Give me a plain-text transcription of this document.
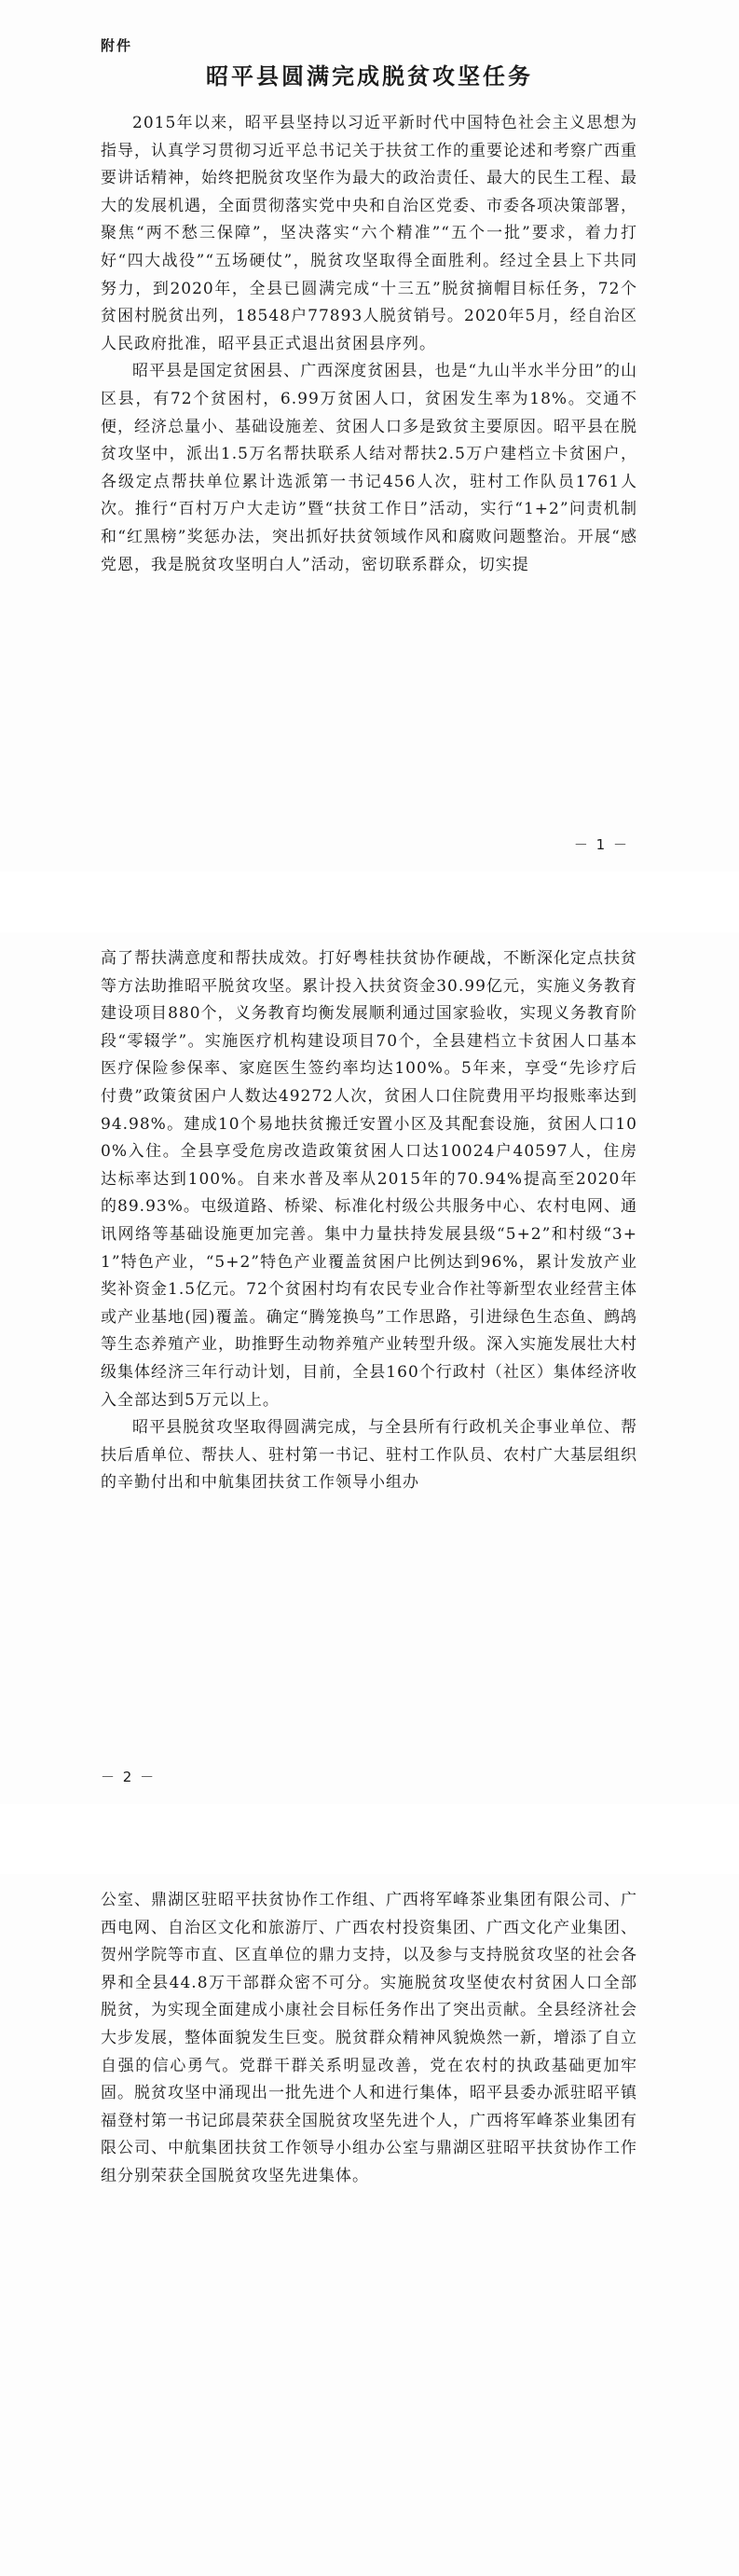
附件
昭平县圆满完成脱贫攻坚任务

2015年以来，昭平县坚持以习近平新时代中国特色社会主义思想为指导，认真学习贯彻习近平总书记关于扶贫工作的重要论述和考察广西重要讲话精神，始终把脱贫攻坚作为最大的政治责任、最大的民生工程、最大的发展机遇，全面贯彻落实党中央和自治区党委、市委各项决策部署，聚焦“两不愁三保障”，坚决落实“六个精准”“五个一批”要求，着力打好“四大战役”“五场硬仗”，脱贫攻坚取得全面胜利。经过全县上下共同努力，到2020年，全县已圆满完成“十三五”脱贫摘帽目标任务，72个贫困村脱贫出列，18548户77893人脱贫销号。2020年5月，经自治区人民政府批准，昭平县正式退出贫困县序列。

昭平县是国定贫困县、广西深度贫困县，也是“九山半水半分田”的山区县，有72个贫困村，6.99万贫困人口，贫困发生率为18%。交通不便，经济总量小、基础设施差、贫困人口多是致贫主要原因。昭平县在脱贫攻坚中，派出1.5万名帮扶联系人结对帮扶2.5万户建档立卡贫困户，各级定点帮扶单位累计选派第一书记456人次，驻村工作队员1761人次。推行“百村万户大走访”暨“扶贫工作日”活动，实行“1+2”问责机制和“红黑榜”奖惩办法，突出抓好扶贫领域作风和腐败问题整治。开展“感党恩，我是脱贫攻坚明白人”活动，密切联系群众，切实提

－ 1 －

高了帮扶满意度和帮扶成效。打好粤桂扶贫协作硬战，不断深化定点扶贫等方法助推昭平脱贫攻坚。累计投入扶贫资金30.99亿元，实施义务教育建设项目880个，义务教育均衡发展顺利通过国家验收，实现义务教育阶段“零辍学”。实施医疗机构建设项目70个，全县建档立卡贫困人口基本医疗保险参保率、家庭医生签约率均达100%。5年来，享受“先诊疗后付费”政策贫困户人数达49272人次，贫困人口住院费用平均报账率达到94.98%。建成10个易地扶贫搬迁安置小区及其配套设施，贫困人口100%入住。全县享受危房改造政策贫困人口达10024户40597人，住房达标率达到100%。自来水普及率从2015年的70.94%提高至2020年的89.93%。屯级道路、桥梁、标准化村级公共服务中心、农村电网、通讯网络等基础设施更加完善。集中力量扶持发展县级“5+2”和村级“3+1”特色产业，“5+2”特色产业覆盖贫困户比例达到96%，累计发放产业奖补资金1.5亿元。72个贫困村均有农民专业合作社等新型农业经营主体或产业基地(园)覆盖。确定“腾笼换鸟”工作思路，引进绿色生态鱼、鹧鸪等生态养殖产业，助推野生动物养殖产业转型升级。深入实施发展壮大村级集体经济三年行动计划，目前，全县160个行政村（社区）集体经济收入全部达到5万元以上。

昭平县脱贫攻坚取得圆满完成，与全县所有行政机关企事业单位、帮扶后盾单位、帮扶人、驻村第一书记、驻村工作队员、农村广大基层组织的辛勤付出和中航集团扶贫工作领导小组办

－ 2 －

公室、鼎湖区驻昭平扶贫协作工作组、广西将军峰茶业集团有限公司、广西电网、自治区文化和旅游厅、广西农村投资集团、广西文化产业集团、贺州学院等市直、区直单位的鼎力支持，以及参与支持脱贫攻坚的社会各界和全县44.8万干部群众密不可分。实施脱贫攻坚使农村贫困人口全部脱贫，为实现全面建成小康社会目标任务作出了突出贡献。全县经济社会大步发展，整体面貌发生巨变。脱贫群众精神风貌焕然一新，增添了自立自强的信心勇气。党群干群关系明显改善，党在农村的执政基础更加牢固。脱贫攻坚中涌现出一批先进个人和进行集体，昭平县委办派驻昭平镇福登村第一书记邱晨荣获全国脱贫攻坚先进个人，广西将军峰茶业集团有限公司、中航集团扶贫工作领导小组办公室与鼎湖区驻昭平扶贫协作工作组分别荣获全国脱贫攻坚先进集体。
